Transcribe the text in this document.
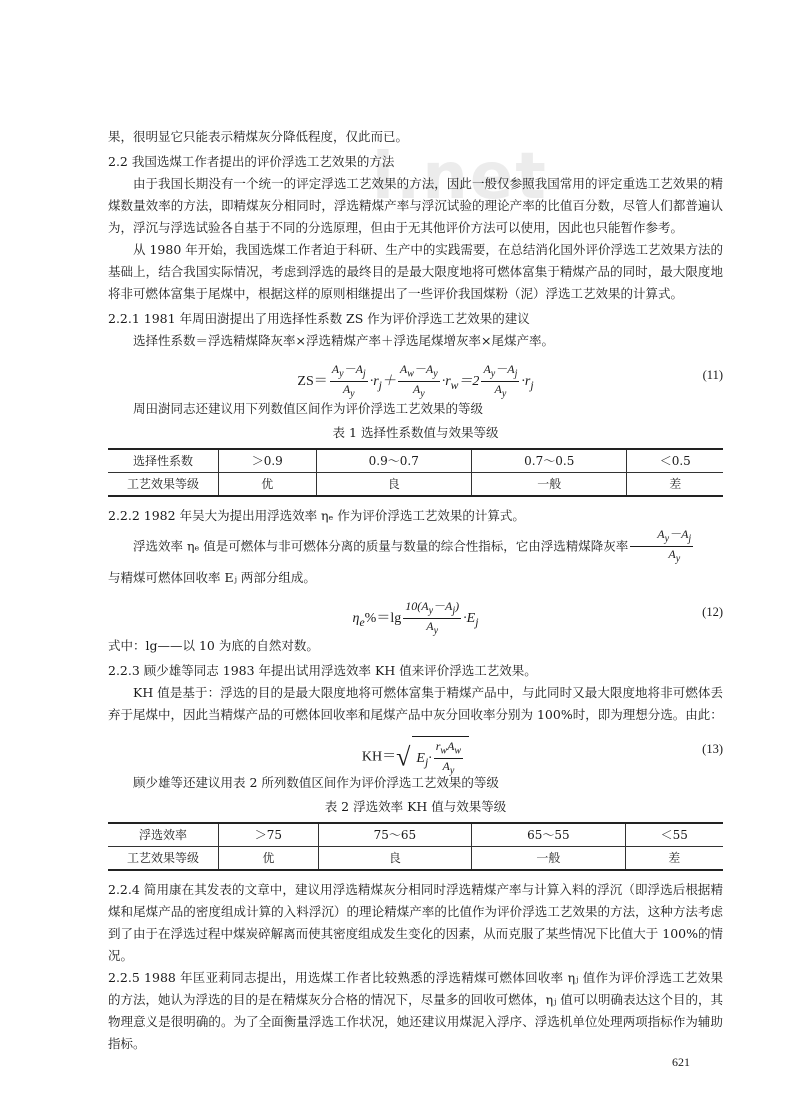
i.net

果，很明显它只能表示精煤灰分降低程度，仅此而已。

2.2 我国选煤工作者提出的评价浮选工艺效果的方法

由于我国长期没有一个统一的评定浮选工艺效果的方法，因此一般仅参照我国常用的评定重选工艺效果的精煤数量效率的方法，即精煤灰分相同时，浮选精煤产率与浮沉试验的理论产率的比值百分数，尽管人们都普遍认为，浮沉与浮选试验各自基于不同的分选原理，但由于无其他评价方法可以使用，因此也只能暂作参考。

从 1980 年开始，我国选煤工作者迫于科研、生产中的实践需要，在总结消化国外评价浮选工艺效果方法的基础上，结合我国实际情况，考虑到浮选的最终目的是最大限度地将可燃体富集于精煤产品的同时，最大限度地将非可燃体富集于尾煤中，根据这样的原则相继提出了一些评价我国煤粉（泥）浮选工艺效果的计算式。

2.2.1 1981 年周田澍提出了用选择性系数 ZS 作为评价浮选工艺效果的建议

选择性系数＝浮选精煤降灰率×浮选精煤产率＋浮选尾煤增灰率×尾煤产率。

$ZS= \frac{A_y-A_j}{A_y} \cdot r_j+ \frac{A_w-A_y}{A_y} \cdot r_w=2 \frac{A_y-A_j}{A_y} \cdot r_j$
(11)

周田澍同志还建议用下列数值区间作为评价浮选工艺效果的等级

表 1 选择性系数值与效果等级

选择性系数	＞0.9	0.9～0.7	0.7～0.5	＜0.5
工艺效果等级	优	良	一般	差

2.2.2 1982 年吴大为提出用浮选效率 ηₑ 作为评价浮选工艺效果的计算式。

浮选效率 ηₑ 值是可燃体与非可燃体分离的质量与数量的综合性指标，它由浮选精煤降灰率 $\frac{A_y-A_j}{A_y}$

与精煤可燃体回收率 Eⱼ 两部分组成。

$\eta_e\%=\lg \frac{10(A_y-A_j)}{A_y} \cdot E_j$
(12)

式中：lg——以 10 为底的自然对数。

2.2.3 顾少雄等同志 1983 年提出试用浮选效率 KH 值来评价浮选工艺效果。

KH 值是基于：浮选的目的是最大限度地将可燃体富集于精煤产品中，与此同时又最大限度地将非可燃体丢弃于尾煤中，因此当精煤产品的可燃体回收率和尾煤产品中灰分回收率分别为 100%时，即为理想分选。由此：

KH＝√ $E_j\cdot \frac{r_wA_w}{A_y}$	(13)

顾少雄等还建议用表 2 所列数值区间作为评价浮选工艺效果的等级

表 2 浮选效率 KH 值与效果等级

浮选效率	＞75	75～65	65～55	＜55
工艺效果等级	优	良	一般	差

2.2.4 简用康在其发表的文章中，建议用浮选精煤灰分相同时浮选精煤产率与计算入料的浮沉（即浮选后根据精煤和尾煤产品的密度组成计算的入料浮沉）的理论精煤产率的比值作为评价浮选工艺效果的方法，这种方法考虑到了由于在浮选过程中煤炭碎解离而使其密度组成发生变化的因素，从而克服了某些情况下比值大于 100%的情况。

2.2.5 1988 年匡亚莉同志提出，用选煤工作者比较熟悉的浮选精煤可燃体回收率 ηⱼ 值作为评价浮选工艺效果的方法，她认为浮选的目的是在精煤灰分合格的情况下，尽量多的回收可燃体，ηⱼ 值可以明确表达这个目的，其物理意义是很明确的。为了全面衡量浮选工作状况，她还建议用煤泥入浮序、浮选机单位处理两项指标作为辅助指标。

621
